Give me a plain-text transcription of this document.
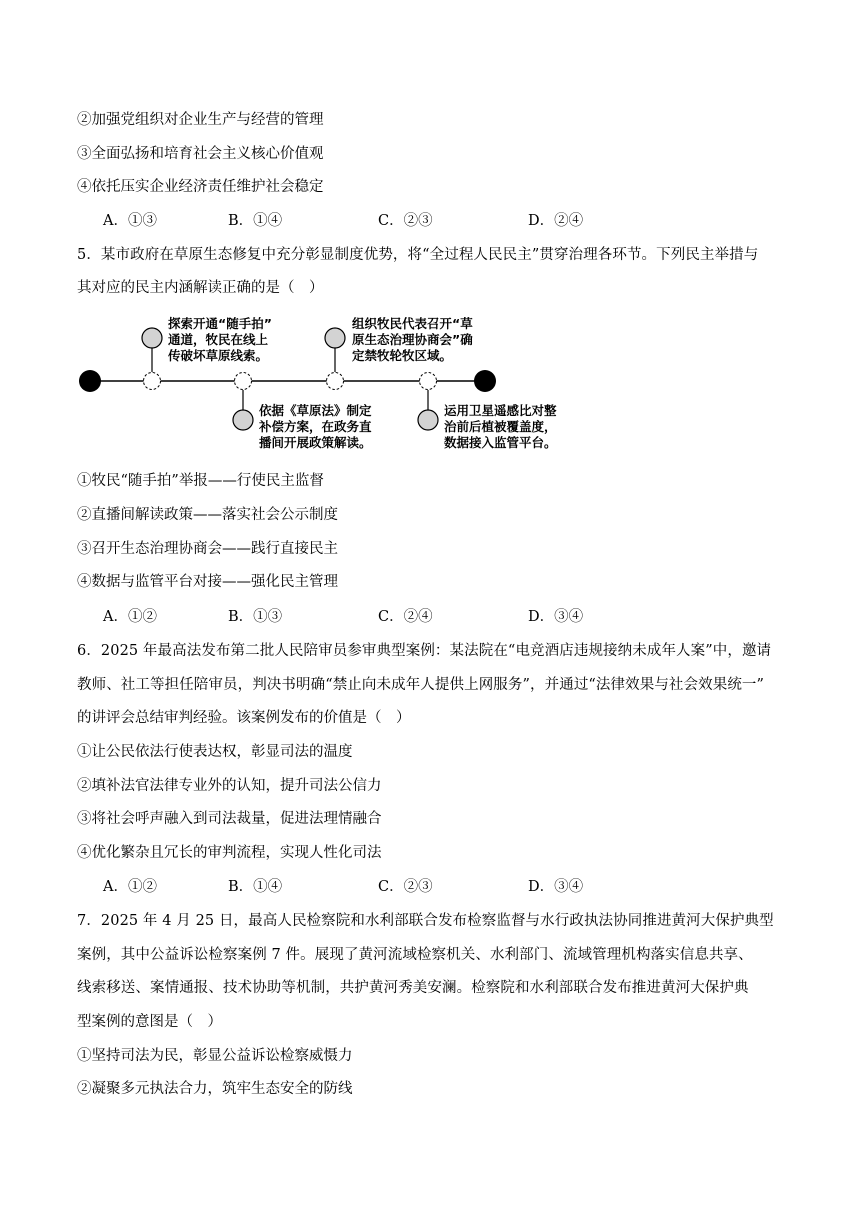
②加强党组织对企业生产与经营的管理
③全面弘扬和培育社会主义核心价值观
④依托压实企业经济责任维护社会稳定
A．①③	B．①④	C．②③	D．②④
5．某市政府在草原生态修复中充分彰显制度优势，将“全过程人民民主”贯穿治理各环节。下列民主举措与
其对应的民主内涵解读正确的是（　）
探索开通“随手拍”
通道，牧民在线上
传破坏草原线索。
组织牧民代表召开“草
原生态治理协商会”确
定禁牧轮牧区域。
依据《草原法》制定
补偿方案，在政务直
播间开展政策解读。
运用卫星遥感比对整
治前后植被覆盖度，
数据接入监管平台。
①牧民“随手拍”举报——行使民主监督
②直播间解读政策——落实社会公示制度
③召开生态治理协商会——践行直接民主
④数据与监管平台对接——强化民主管理
A．①②	B．①③	C．②④	D．③④
6．2025 年最高法发布第二批人民陪审员参审典型案例：某法院在“电竞酒店违规接纳未成年人案”中，邀请
教师、社工等担任陪审员，判决书明确“禁止向未成年人提供上网服务”，并通过“法律效果与社会效果统一”
的讲评会总结审判经验。该案例发布的价值是（　）
①让公民依法行使表达权，彰显司法的温度
②填补法官法律专业外的认知，提升司法公信力
③将社会呼声融入到司法裁量，促进法理情融合
④优化繁杂且冗长的审判流程，实现人性化司法
A．①②	B．①④	C．②③	D．③④
7．2025 年 4 月 25 日，最高人民检察院和水利部联合发布检察监督与水行政执法协同推进黄河大保护典型
案例，其中公益诉讼检察案例 7 件。展现了黄河流域检察机关、水利部门、流域管理机构落实信息共享、
线索移送、案情通报、技术协助等机制，共护黄河秀美安澜。检察院和水利部联合发布推进黄河大保护典
型案例的意图是（　）
①坚持司法为民，彰显公益诉讼检察威慑力
②凝聚多元执法合力，筑牢生态安全的防线
